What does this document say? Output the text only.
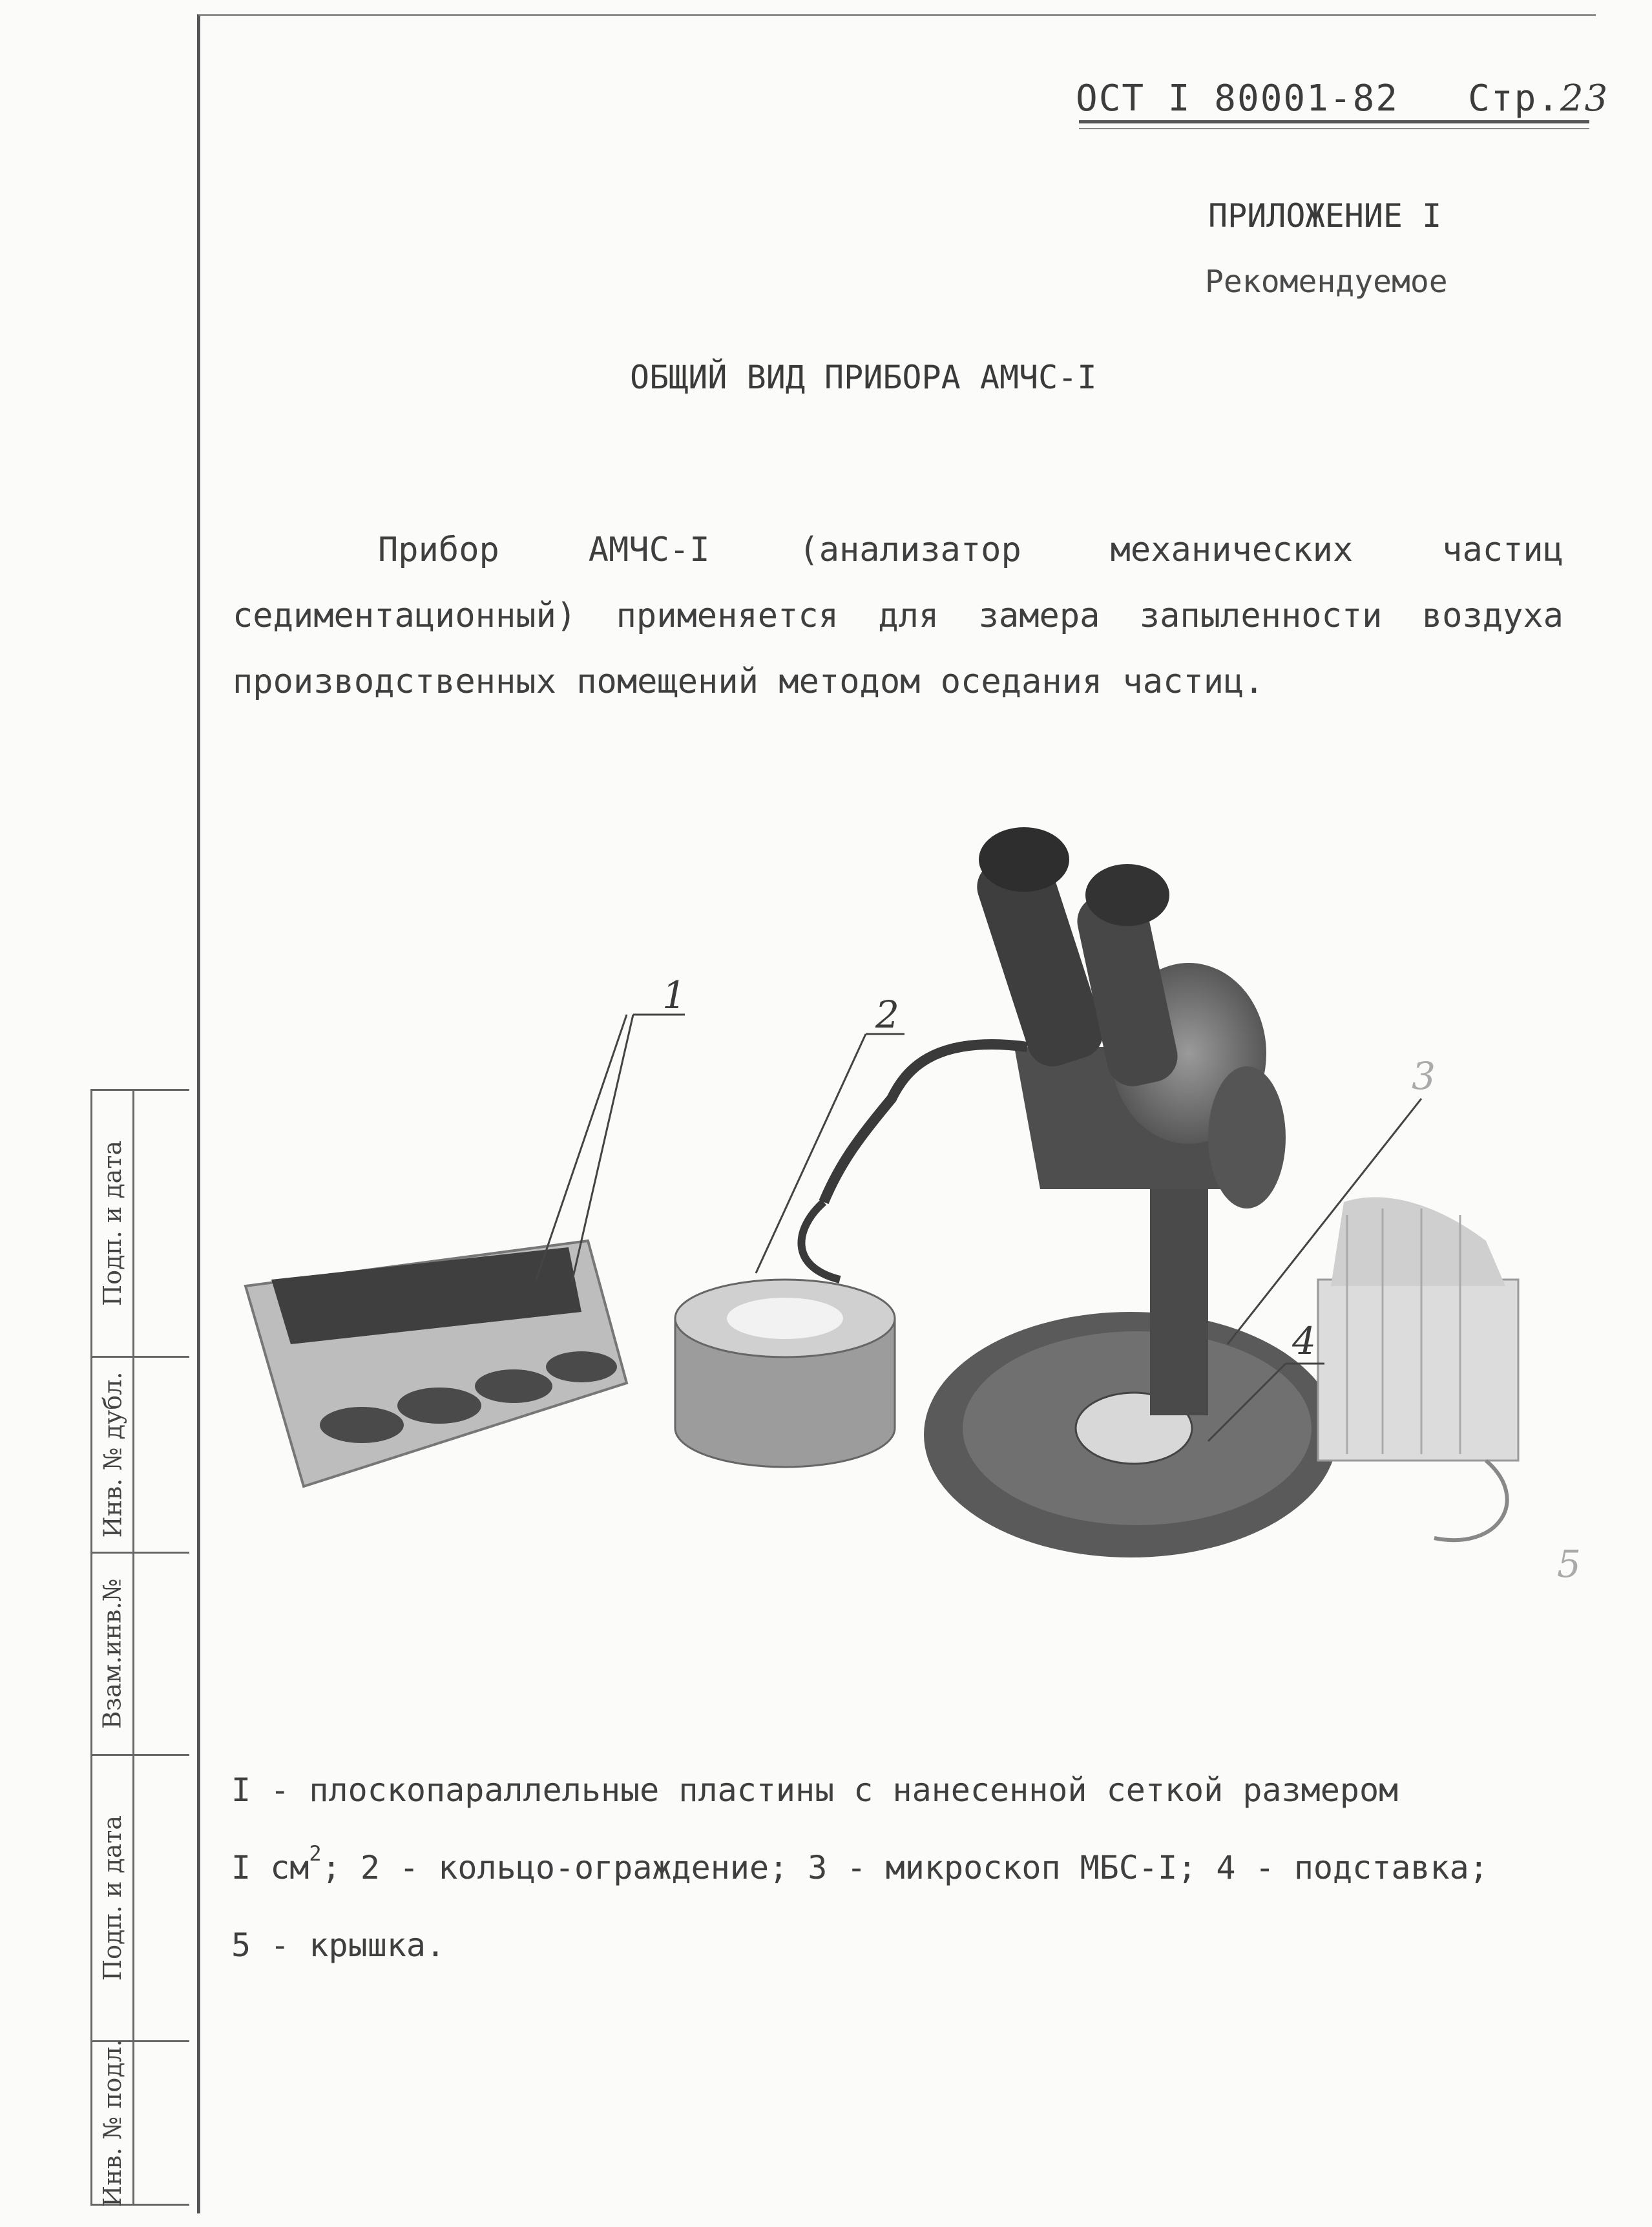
ОСТ I 80001-82 Стр.23
ПРИЛОЖЕНИЕ I
Рекомендуемое
ОБЩИЙ ВИД ПРИБОРА АМЧС-I
Прибор АМЧС-I (анализатор механических частиц седиментационный) применяется для замера запыленности воздуха производственных помещений методом оседания частиц.
1	2
3
4
5
I - плоскопараллельные пластины с нанесенной сеткой размером
I $см^2$; 2 - кольцо-ограждение; 3 - микроскоп МБС-I; 4 - подставка;
5 - крышка.
Подп. и дата
Инв. № дубл.
Взам.инв.№
Подп. и дата
Инв. № подл.
